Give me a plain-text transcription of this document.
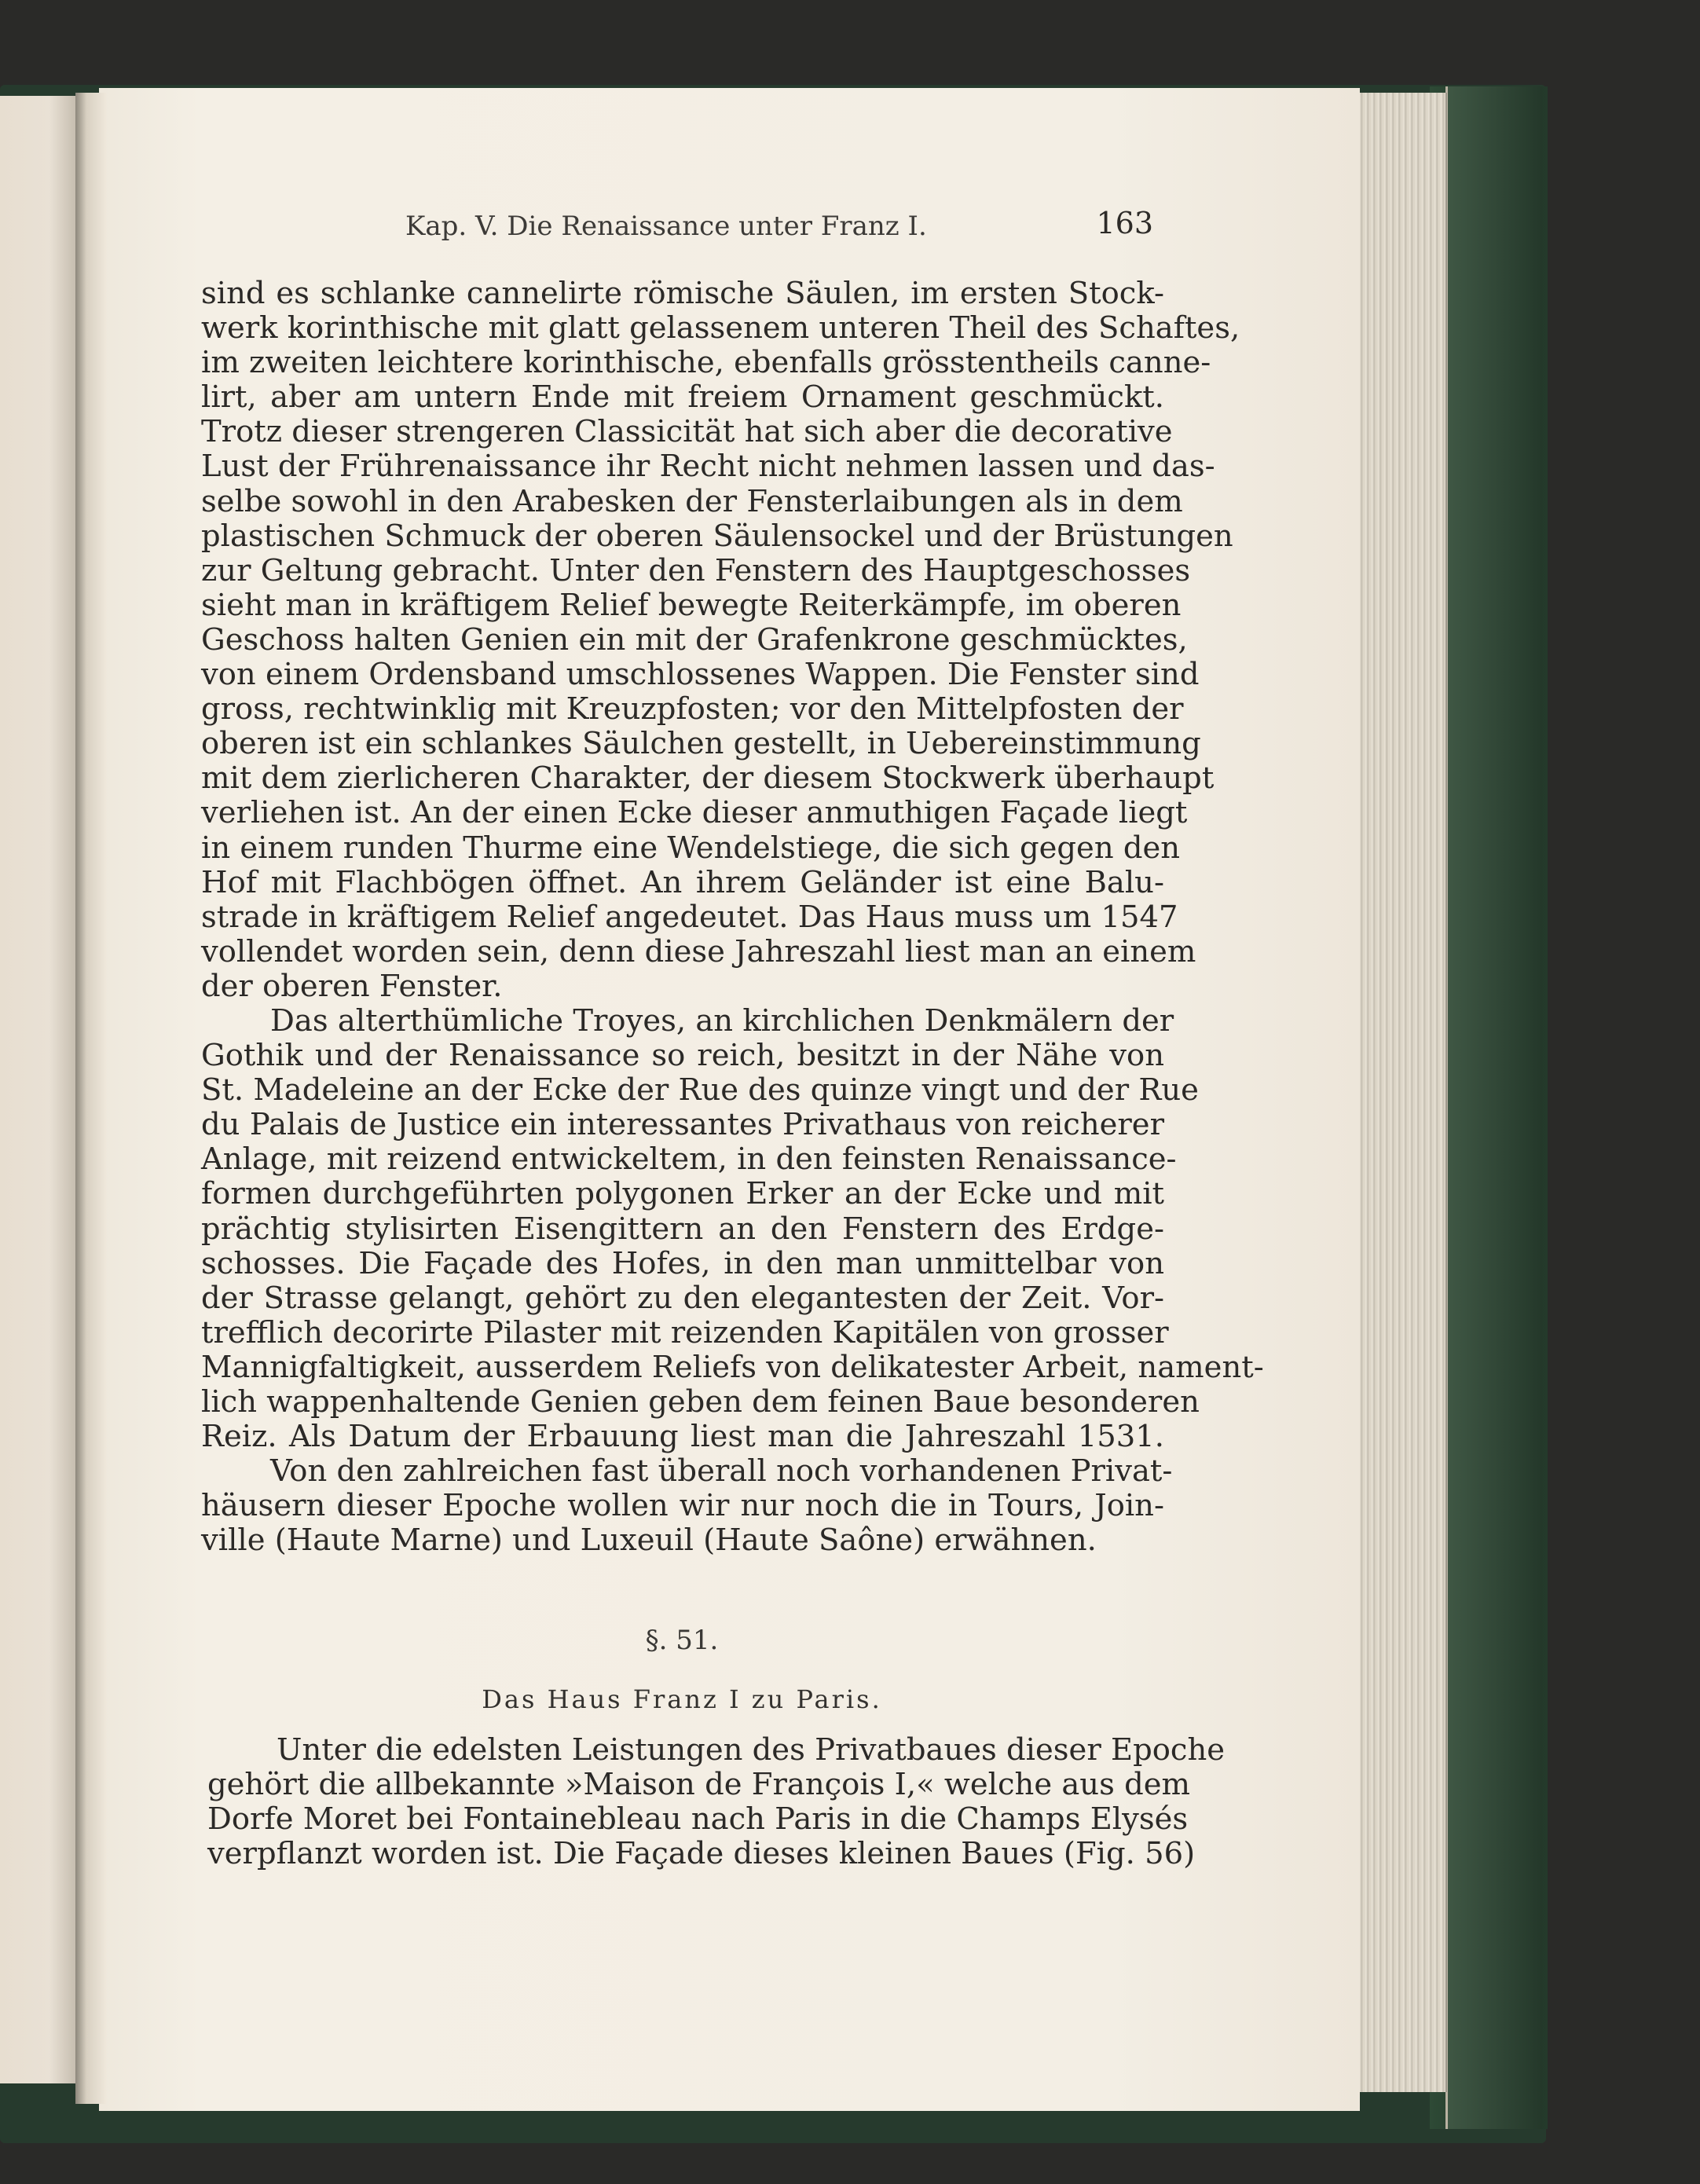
Kap. V. Die Renaissance unter Franz I.	163
sind es schlanke cannelirte römische Säulen, im ersten Stock-
werk korinthische mit glatt gelassenem unteren Theil des Schaftes,
im zweiten leichtere korinthische, ebenfalls grösstentheils canne-
lirt, aber am untern Ende mit freiem Ornament geschmückt.
Trotz dieser strengeren Classicität hat sich aber die decorative
Lust der Frührenaissance ihr Recht nicht nehmen lassen und das-
selbe sowohl in den Arabesken der Fensterlaibungen als in dem
plastischen Schmuck der oberen Säulensockel und der Brüstungen
zur Geltung gebracht. Unter den Fenstern des Hauptgeschosses
sieht man in kräftigem Relief bewegte Reiterkämpfe, im oberen
Geschoss halten Genien ein mit der Grafenkrone geschmücktes,
von einem Ordensband umschlossenes Wappen. Die Fenster sind
gross, rechtwinklig mit Kreuzpfosten; vor den Mittelpfosten der
oberen ist ein schlankes Säulchen gestellt, in Uebereinstimmung
mit dem zierlicheren Charakter, der diesem Stockwerk überhaupt
verliehen ist. An der einen Ecke dieser anmuthigen Façade liegt
in einem runden Thurme eine Wendelstiege, die sich gegen den
Hof mit Flachbögen öffnet. An ihrem Geländer ist eine Balu-
strade in kräftigem Relief angedeutet. Das Haus muss um 1547
vollendet worden sein, denn diese Jahreszahl liest man an einem
der oberen Fenster.
Das alterthümliche Troyes, an kirchlichen Denkmälern der
Gothik und der Renaissance so reich, besitzt in der Nähe von
St. Madeleine an der Ecke der Rue des quinze vingt und der Rue
du Palais de Justice ein interessantes Privathaus von reicherer
Anlage, mit reizend entwickeltem, in den feinsten Renaissance-
formen durchgeführten polygonen Erker an der Ecke und mit
prächtig stylisirten Eisengittern an den Fenstern des Erdge-
schosses. Die Façade des Hofes, in den man unmittelbar von
der Strasse gelangt, gehört zu den elegantesten der Zeit. Vor-
trefflich decorirte Pilaster mit reizenden Kapitälen von grosser
Mannigfaltigkeit, ausserdem Reliefs von delikatester Arbeit, nament-
lich wappenhaltende Genien geben dem feinen Baue besonderen
Reiz. Als Datum der Erbauung liest man die Jahreszahl 1531.
Von den zahlreichen fast überall noch vorhandenen Privat-
häusern dieser Epoche wollen wir nur noch die in Tours, Join-
ville (Haute Marne) und Luxeuil (Haute Saône) erwähnen.
§. 51.
Das Haus Franz I zu Paris.
Unter die edelsten Leistungen des Privatbaues dieser Epoche
gehört die allbekannte »Maison de François I,« welche aus dem
Dorfe Moret bei Fontainebleau nach Paris in die Champs Elysés
verpflanzt worden ist. Die Façade dieses kleinen Baues (Fig. 56)
